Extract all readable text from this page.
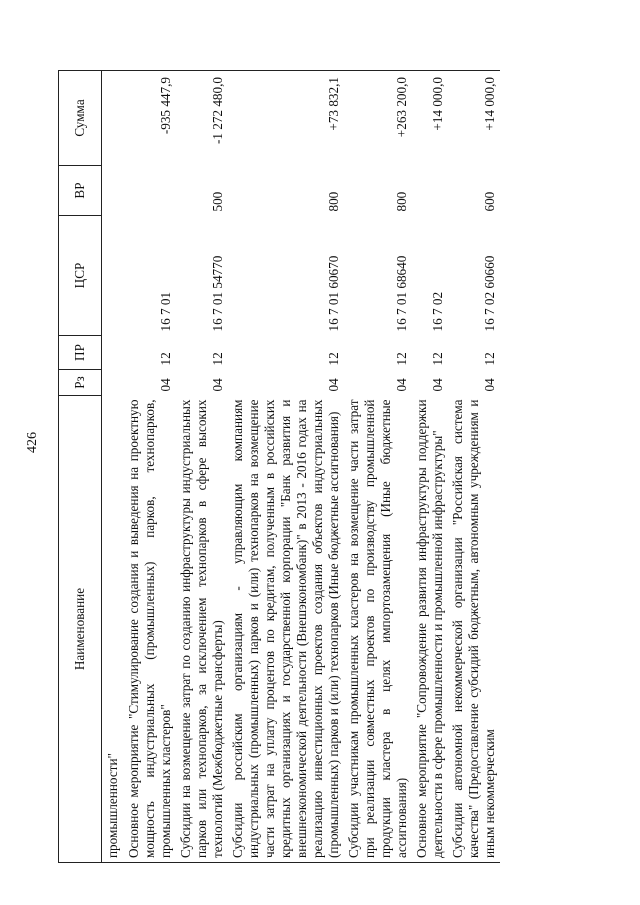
426
Наименование	Рз	ПР	ЦСР	ВР	Сумма
промышленности"					
Основное мероприятие "Стимулирование создания и выведения на проектную мощность индустриальных (промышленных) парков, технопарков, промышленных кластеров"	04	12	16 7 01		-935 447,9
Субсидии на возмещение затрат по созданию инфраструктуры индустриальных парков или технопарков, за исключением технопарков в сфере высоких технологий (Межбюджетные трансферты)	04	12	16 7 01 54770	500	-1 272 480,0
Субсидии российским организациям - управляющим компаниям индустриальных (промышленных) парков и (или) технопарков на возмещение части затрат на уплату процентов по кредитам, полученным в российских кредитных организациях и государственной корпорации "Банк развития и внешнеэкономической деятельности (Внешэкономбанк)" в 2013 - 2016 годах на реализацию инвестиционных проектов создания объектов индустриальных (промышленных) парков и (или) технопарков (Иные бюджетные ассигнования)	04	12	16 7 01 60670	800	+73 832,1
Субсидии участникам промышленных кластеров на возмещение части затрат при реализации совместных проектов по производству промышленной продукции кластера в целях импортозамещения (Иные бюджетные ассигнования)	04	12	16 7 01 68640	800	+263 200,0
Основное мероприятие "Сопровождение развития инфраструктуры поддержки деятельности в сфере промышленности и промышленной инфраструктуры"	04	12	16 7 02		+14 000,0
Субсидии автономной некоммерческой организации "Российская система качества" (Предоставление субсидий бюджетным, автономным учреждениям и иным некоммерческим	04	12	16 7 02 60660	600	+14 000,0
